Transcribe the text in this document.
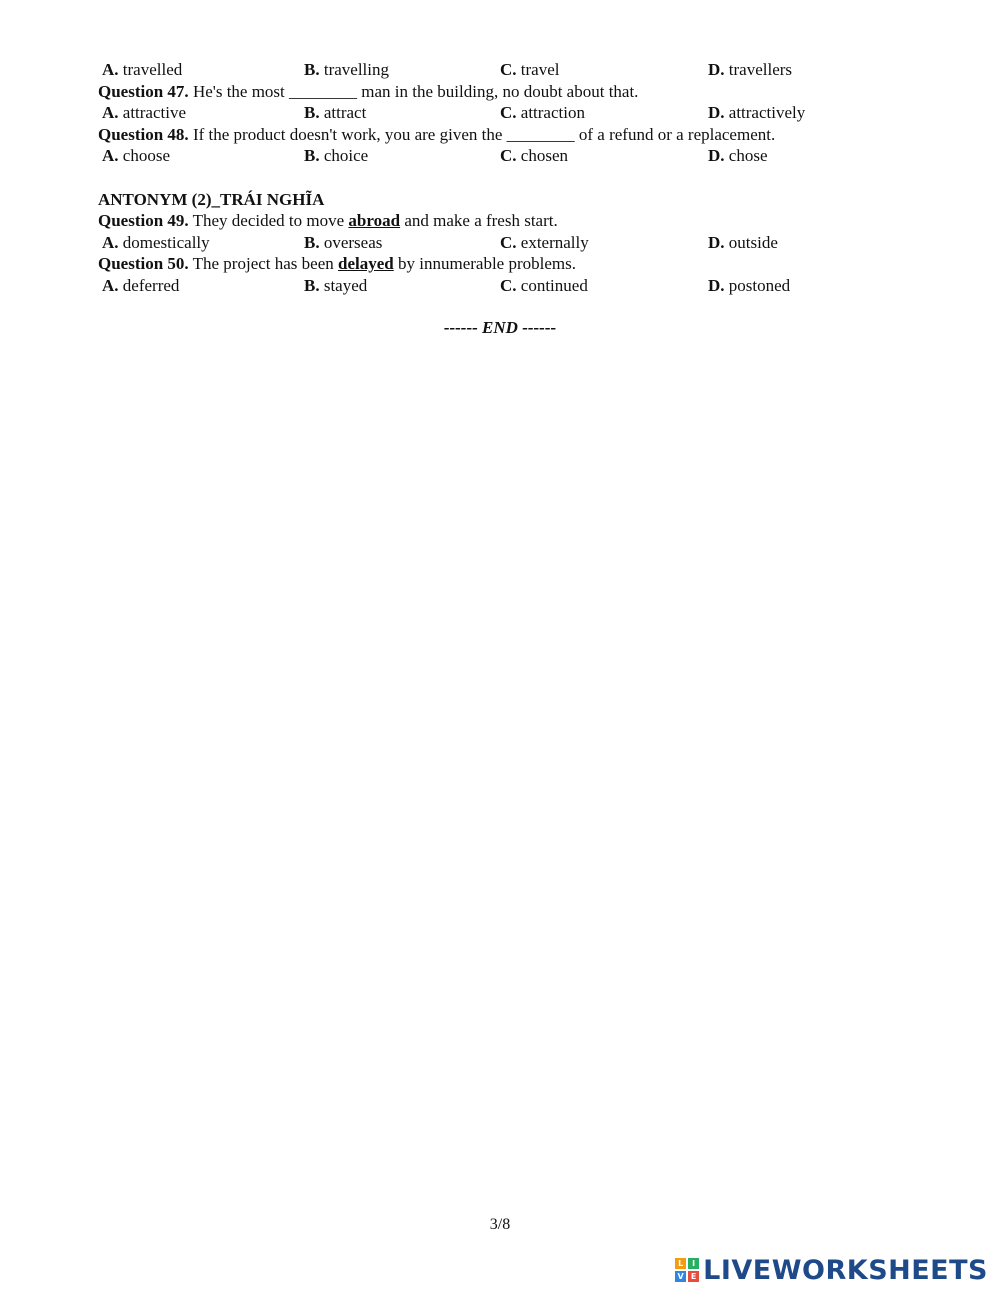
A. travelled	B. travelling	C. travel	D. travellers
Question 47. He's the most ________ man in the building, no doubt about that.
A. attractive	B. attract	C. attraction	D. attractively
Question 48. If the product doesn't work, you are given the ________ of a refund or a replacement.
A. choose	B. choice	C. chosen	D. chose
ANTONYM (2)_TRÁI NGHĨA
Question 49. They decided to move abroad and make a fresh start.
A. domestically	B. overseas	C. externally	D. outside
Question 50. The project has been delayed by innumerable problems.
A. deferred	B. stayed	C. continued	D. postoned
------ END ------
3/8
L	I
V E LIVEWORKSHEETS
